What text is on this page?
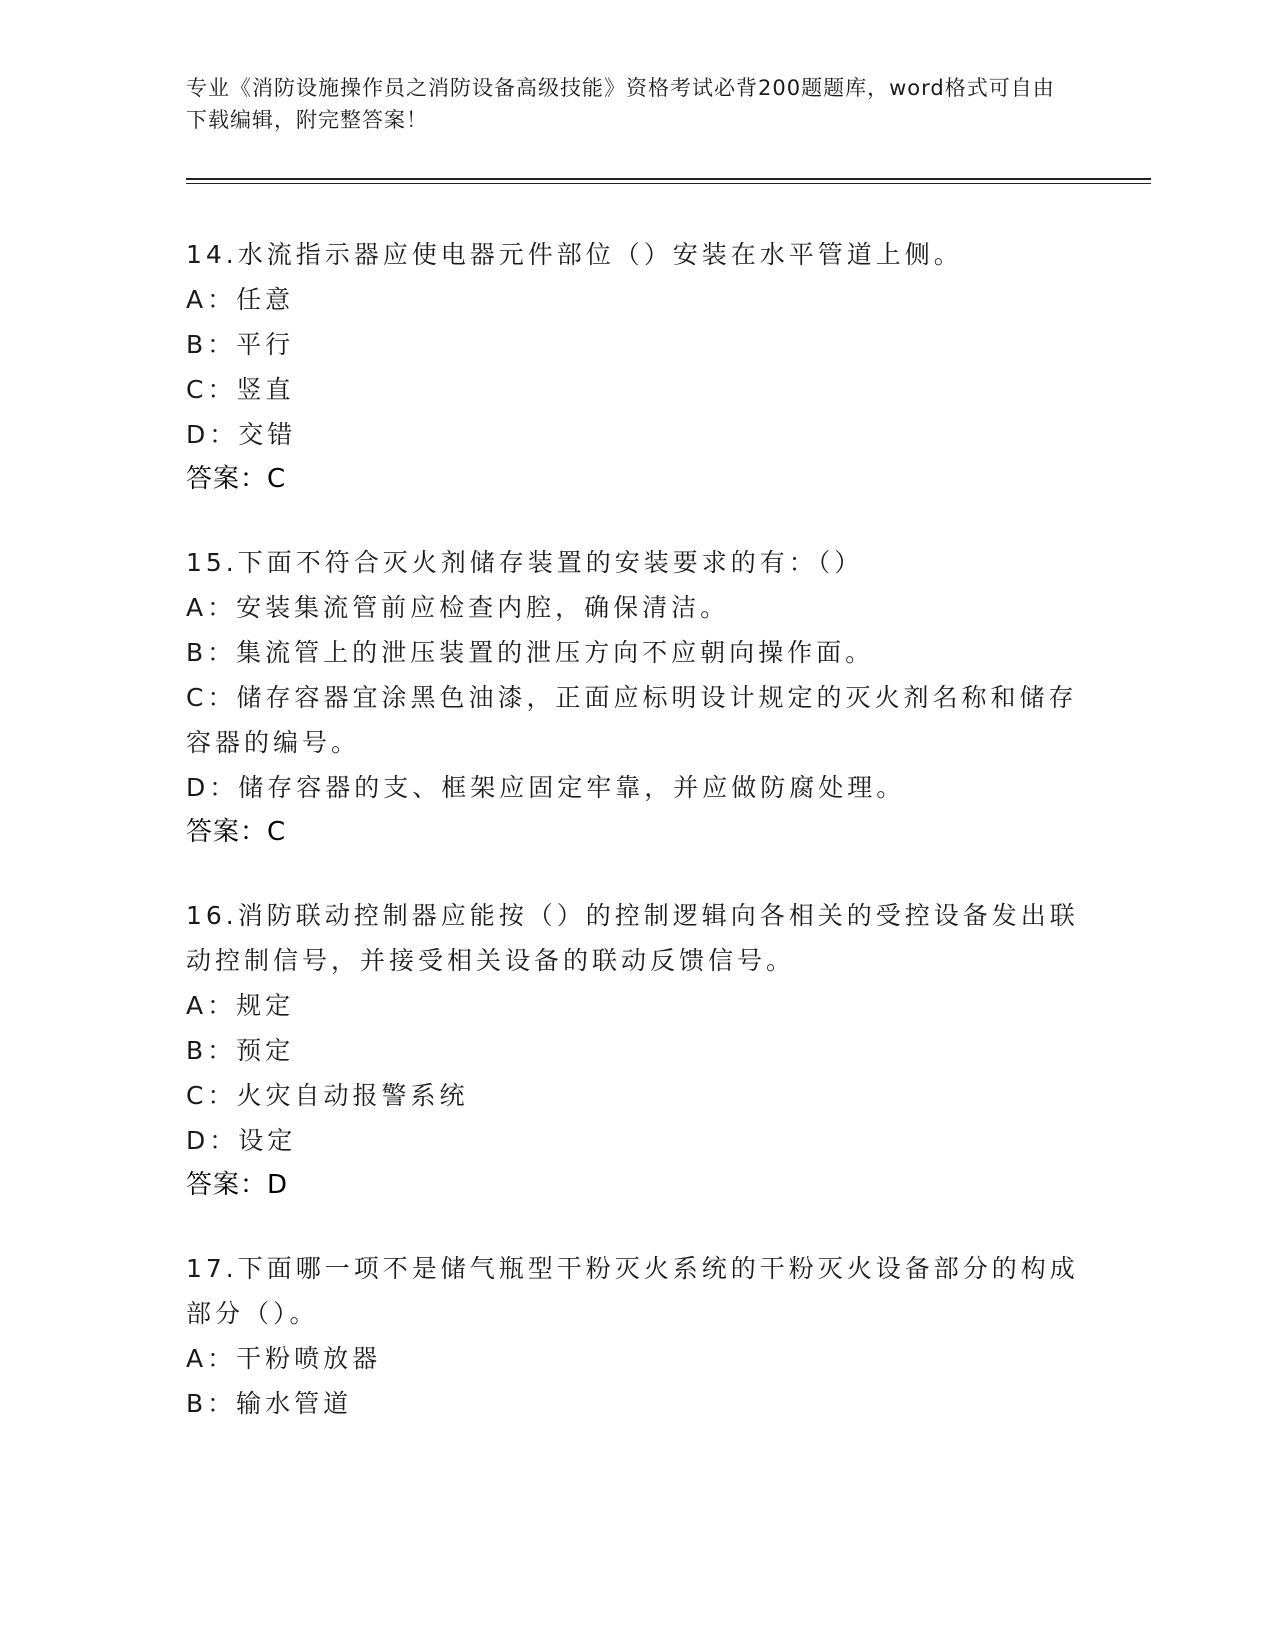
专业《消防设施操作员之消防设备高级技能》资格考试必背200题题库，word格式可自由下载编辑，附完整答案！
14.水流指示器应使电器元件部位（）安装在水平管道上侧。
A：任意
B：平行
C：竖直
D：交错
答案：C
15.下面不符合灭火剂储存装置的安装要求的有：（）
A：安装集流管前应检查内腔，确保清洁。
B：集流管上的泄压装置的泄压方向不应朝向操作面。
C：储存容器宜涂黑色油漆，正面应标明设计规定的灭火剂名称和储存容器的编号。
D：储存容器的支、框架应固定牢靠，并应做防腐处理。
答案：C
16.消防联动控制器应能按（）的控制逻辑向各相关的受控设备发出联动控制信号，并接受相关设备的联动反馈信号。
A：规定
B：预定
C：火灾自动报警系统
D：设定
答案：D
17.下面哪一项不是储气瓶型干粉灭火系统的干粉灭火设备部分的构成部分（）。
A：干粉喷放器
B：输水管道
